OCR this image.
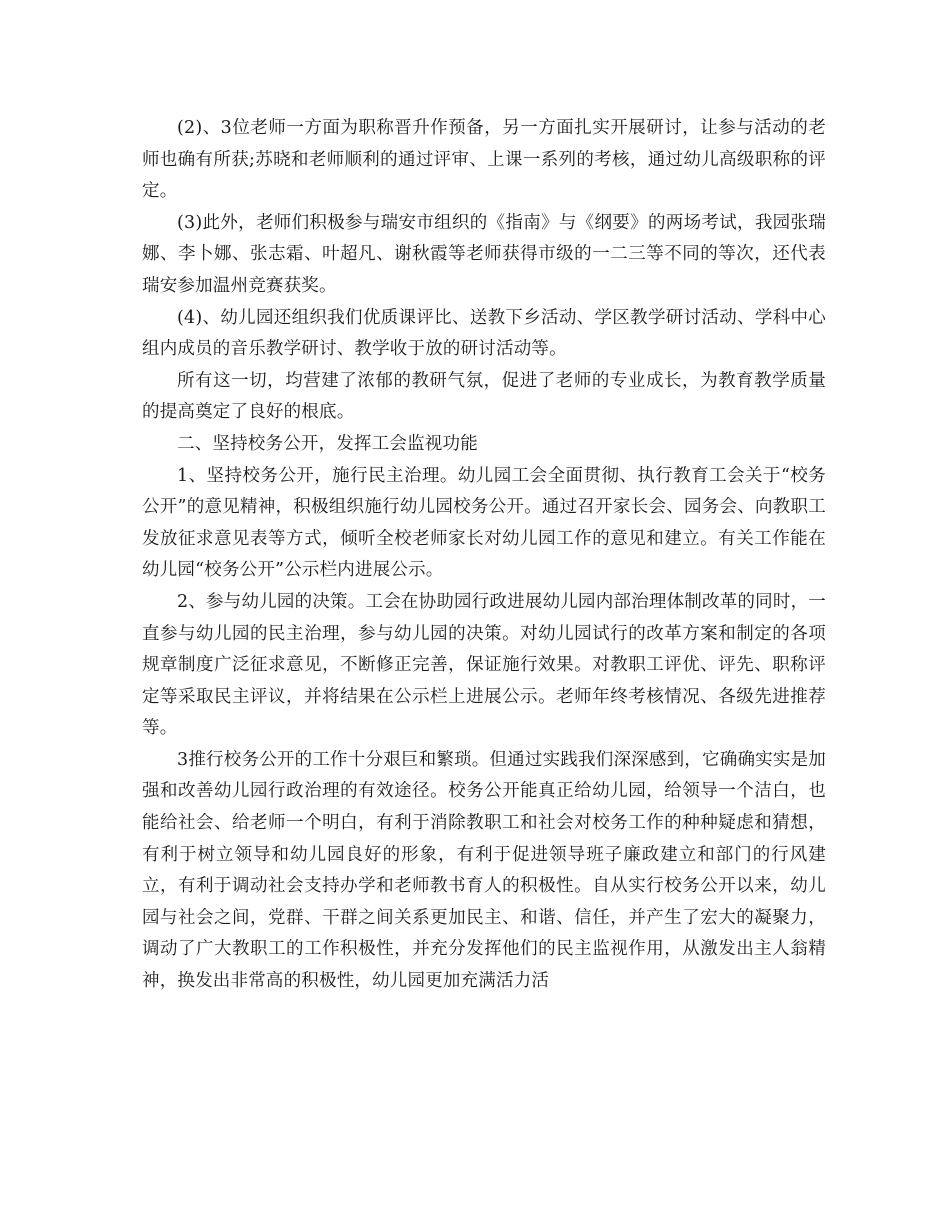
(2)、3位老师一方面为职称晋升作预备，另一方面扎实开展研讨，让参与活动的老师也确有所获;苏晓和老师顺利的通过评审、上课一系列的考核，通过幼儿高级职称的评定。

(3)此外，老师们积极参与瑞安市组织的《指南》与《纲要》的两场考试，我园张瑞娜、李卜娜、张志霜、叶超凡、谢秋霞等老师获得市级的一二三等不同的等次，还代表瑞安参加温州竞赛获奖。

(4)、幼儿园还组织我们优质课评比、送教下乡活动、学区教学研讨活动、学科中心组内成员的音乐教学研讨、教学收于放的研讨活动等。

所有这一切，均营建了浓郁的教研气氛，促进了老师的专业成长，为教育教学质量的提高奠定了良好的根底。

二、坚持校务公开，发挥工会监视功能

1、坚持校务公开，施行民主治理。幼儿园工会全面贯彻、执行教育工会关于“校务公开”的意见精神，积极组织施行幼儿园校务公开。通过召开家长会、园务会、向教职工发放征求意见表等方式，倾听全校老师家长对幼儿园工作的意见和建立。有关工作能在幼儿园“校务公开”公示栏内进展公示。

2、参与幼儿园的决策。工会在协助园行政进展幼儿园内部治理体制改革的同时，一直参与幼儿园的民主治理，参与幼儿园的决策。对幼儿园试行的改革方案和制定的各项规章制度广泛征求意见，不断修正完善，保证施行效果。对教职工评优、评先、职称评定等采取民主评议，并将结果在公示栏上进展公示。老师年终考核情况、各级先进推荐等。

3推行校务公开的工作十分艰巨和繁琐。但通过实践我们深深感到，它确确实实是加强和改善幼儿园行政治理的有效途径。校务公开能真正给幼儿园，给领导一个洁白，也能给社会、给老师一个明白，有利于消除教职工和社会对校务工作的种种疑虑和猜想，有利于树立领导和幼儿园良好的形象，有利于促进领导班子廉政建立和部门的行风建立，有利于调动社会支持办学和老师教书育人的积极性。自从实行校务公开以来，幼儿园与社会之间，党群、干群之间关系更加民主、和谐、信任，并产生了宏大的凝聚力，调动了广大教职工的工作积极性，并充分发挥他们的民主监视作用，从激发出主人翁精神，换发出非常高的积极性，幼儿园更加充满活力活
